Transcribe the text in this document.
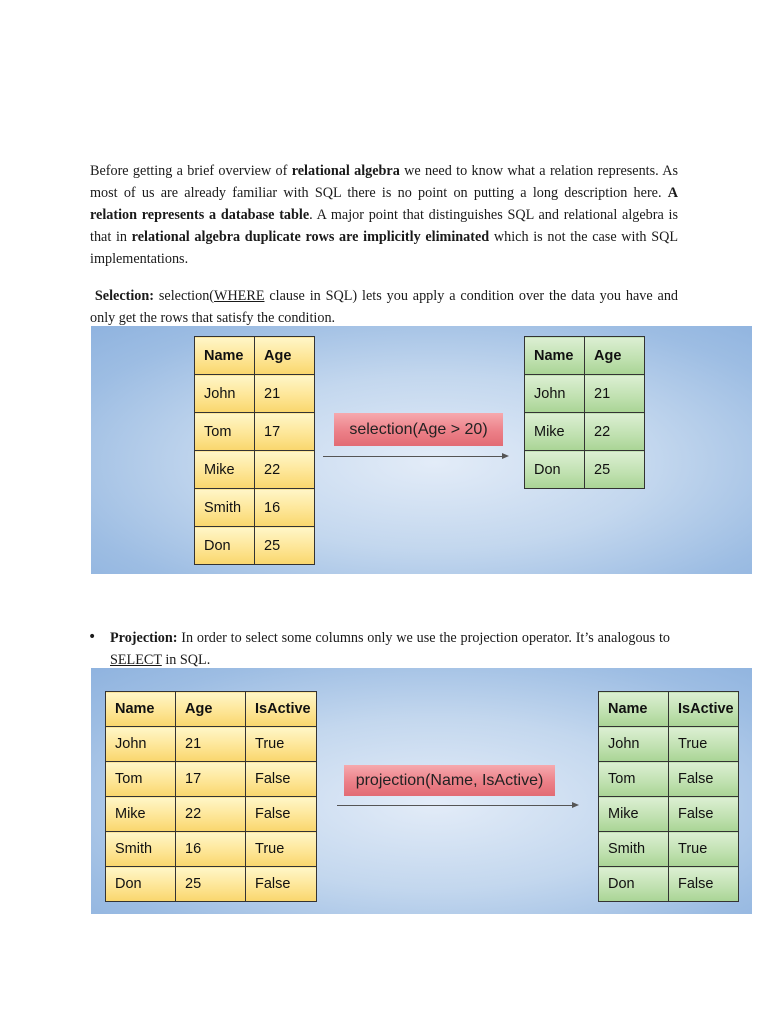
Before getting a brief overview of relational algebra we need to know what a relation represents. As most of us are already familiar with SQL there is no point on putting a long description here. A relation represents a database table. A major point that distinguishes SQL and relational algebra is that in relational algebra duplicate rows are implicitly eliminated which is not the case with SQL implementations.

Selection: selection(WHERE clause in SQL) lets you apply a condition over the data you have and only get the rows that satisfy the condition.

Name	Age
John	21
Tom	17
Mike	22
Smith	16
Don	25
selection(Age > 20)
Name	Age
John	21
Mike	22
Don	25
• Projection: In order to select some columns only we use the projection operator. It’s analogous to SELECT in SQL.

Name	Age	IsActive
John	21	True
Tom	17	False
Mike	22	False
Smith	16	True
Don	25	False
projection(Name, IsActive)
Name	IsActive
John	True
Tom	False
Mike	False
Smith	True
Don	False
